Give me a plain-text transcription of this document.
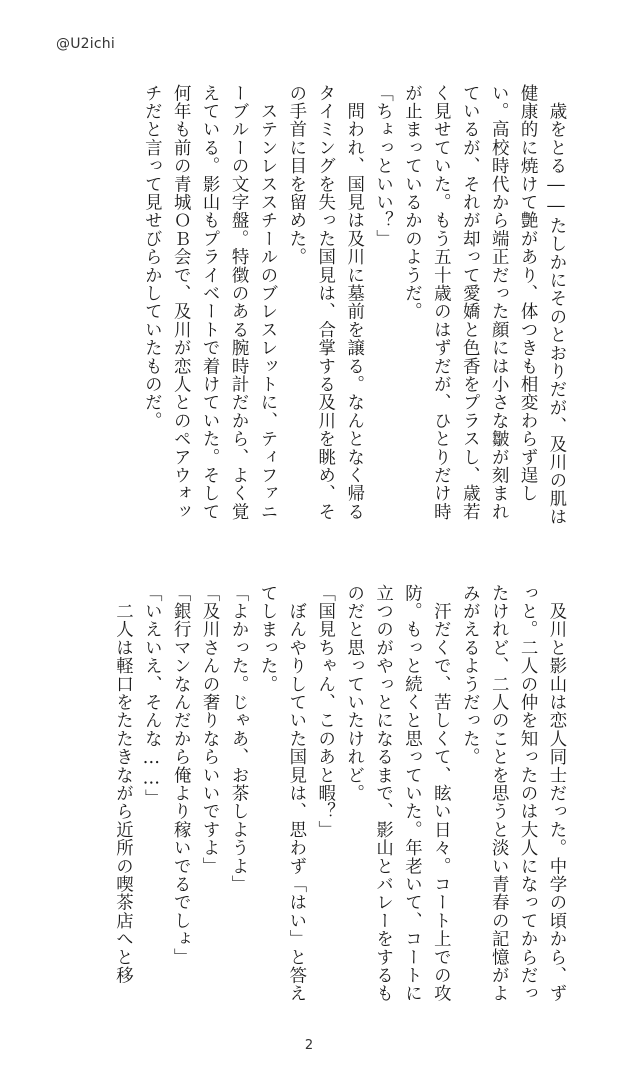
@U2ichi

　歳をとる――たしかにそのとおりだが、及川の肌は健康的に焼けて艶があり、体つきも相変わらず逞しい。高校時代から端正だった顔には小さな皺が刻まれているが、それが却って愛嬌と色香をプラスし、歳若く見せていた。もう五十歳のはずだが、ひとりだけ時が止まっているかのようだ。

「ちょっといい？」

　問われ、国見は及川に墓前を譲る。なんとなく帰るタイミングを失った国見は、合掌する及川を眺め、その手首に目を留めた。

　ステンレススチールのブレスレットに、ティファニーブルーの文字盤。特徴のある腕時計だから、よく覚えている。影山もプライベートで着けていた。そして何年も前の青城ＯＢ会で、及川が恋人とのペアウォッチだと言って見せびらかしていたものだ。

　及川と影山は恋人同士だった。中学の頃から、ずっと。二人の仲を知ったのは大人になってからだったけれど、二人のことを思うと淡い青春の記憶がよみがえるようだった。

　汗だくで、苦しくて、眩い日々。コート上での攻防。もっと続くと思っていた。年老いて、コートに立つのがやっとになるまで、影山とバレーをするものだと思っていたけれど。

「国見ちゃん、このあと暇？」

　ぼんやりしていた国見は、思わず「はい」と答えてしまった。

「よかった。じゃあ、お茶しようよ」

「及川さんの奢りならいいですよ」

「銀行マンなんだから俺より稼いでるでしょ」

「いえいえ、そんな……」

　二人は軽口をたたきながら近所の喫茶店へと移

2
